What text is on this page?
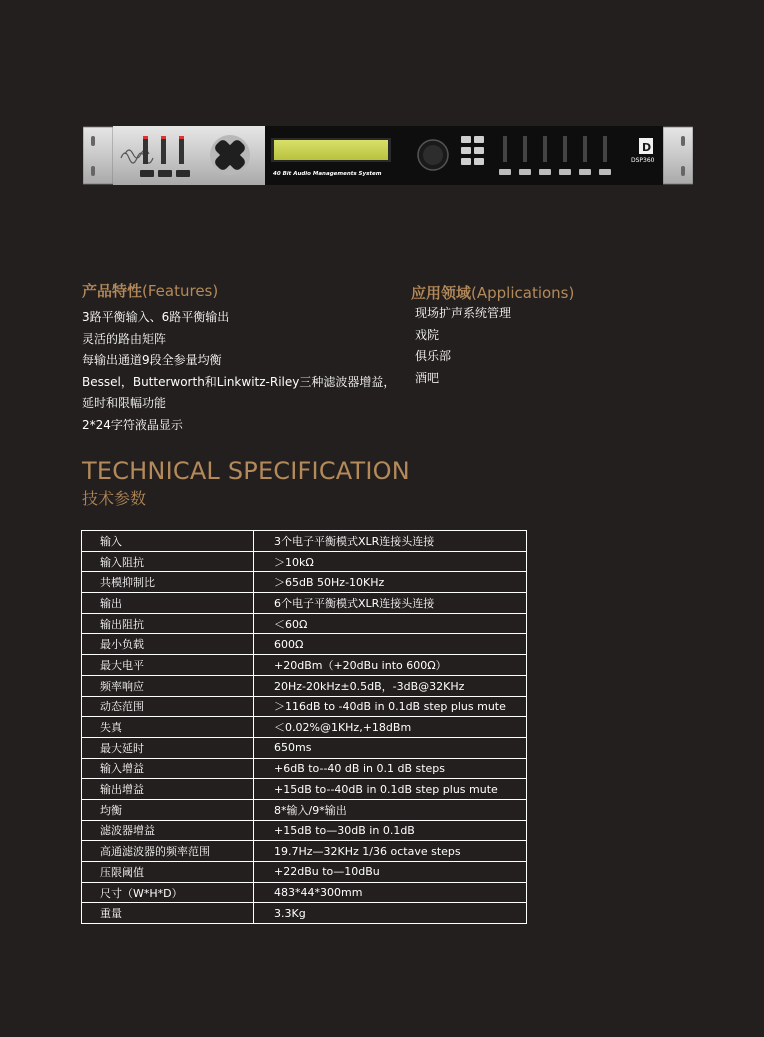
40 Bit Audio Managements System
D
DSP360
产品特性(Features)	应用领域(Applications)
3路平衡输入、6路平衡输出
灵活的路由矩阵
每输出通道9段全参量均衡
Bessel，Butterworth和Linkwitz-Riley三种滤波器增益，
延时和限幅功能
2*24字符液晶显示
现场扩声系统管理
戏院
俱乐部
酒吧
TECHNICAL SPECIFICATION
技术参数
输入	3个电子平衡模式XLR连接头连接
输入阻抗	＞10kΩ
共模抑制比	＞65dB 50Hz-10KHz
输出	6个电子平衡模式XLR连接头连接
输出阻抗	＜60Ω
最小负载	600Ω
最大电平	+20dBm（+20dBu into 600Ω）
频率响应	20Hz-20kHz±0.5dB，-3dB@32KHz
动态范围	＞116dB to -40dB in 0.1dB step plus mute
失真	＜0.02%@1KHz,+18dBm
最大延时	650ms
输入增益	+6dB to--40 dB in 0.1 dB steps
输出增益	+15dB to--40dB in 0.1dB step plus mute
均衡	8*输入/9*输出
滤波器增益	+15dB to—30dB in 0.1dB
高通滤波器的频率范围	19.7Hz—32KHz 1/36 octave steps
压限阈值	+22dBu to—10dBu
尺寸（W*H*D）	483*44*300mm
重量	3.3Kg
